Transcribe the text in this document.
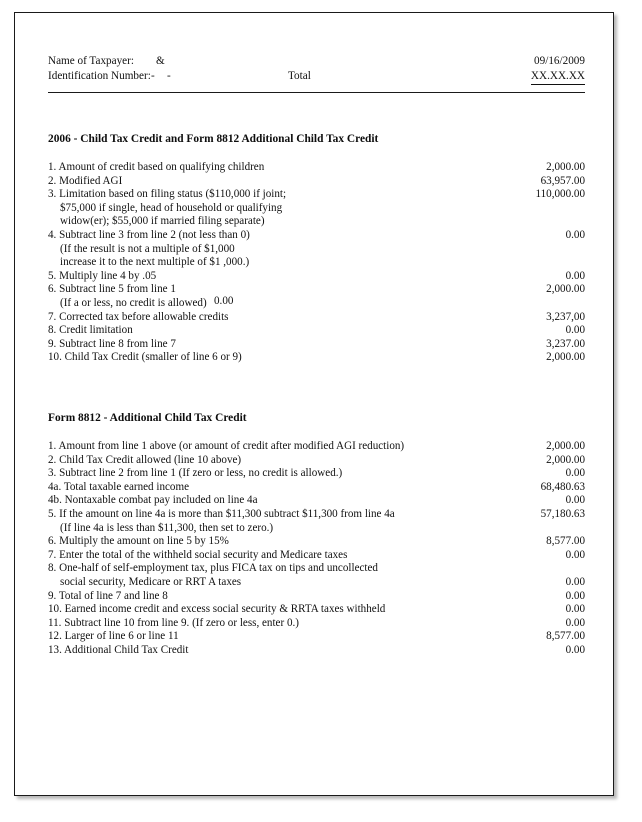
Name of Taxpayer: &	09/16/2009
Identification Number: - -	Total	XX.XX.XX
2006 - Child Tax Credit and Form 8812 Additional Child Tax Credit
1. Amount of credit based on qualifying children	2,000.00
2. Modified AGI	63,957.00
3. Limitation based on filing status ($110,000 if joint;	110,000.00
$75,000 if single, head of household or qualifying
widow(er); $55,000 if married filing separate)
4. Subtract line 3 from line 2 (not less than 0)	0.00
(If the result is not a multiple of $1,000
increase it to the next multiple of $1 ,000.)
5. Multiply line 4 by .05	0.00
6. Subtract line 5 from line 1	2,000.00
(If a or less, no credit is allowed) 0.00
7. Corrected tax before allowable credits	3,237,00
8. Credit limitation	0.00
9. Subtract line 8 from line 7	3,237.00
10. Child Tax Credit (smaller of line 6 or 9)	2,000.00
Form 8812 - Additional Child Tax Credit
1. Amount from line 1 above (or amount of credit after modified AGI reduction)	2,000.00
2. Child Tax Credit allowed (line 10 above)	2,000.00
3. Subtract line 2 from line 1 (If zero or less, no credit is allowed.)	0.00
4a. Total taxable earned income	68,480.63
4b. Nontaxable combat pay included on line 4a	0.00
5. If the amount on line 4a is more than $11,300 subtract $11,300 from line 4a	57,180.63
(If line 4a is less than $11,300, then set to zero.)
6. Multiply the amount on line 5 by 15%	8,577.00
7. Enter the total of the withheld social security and Medicare taxes	0.00
8. One-half of self-employment tax, plus FICA tax on tips and uncollected
social security, Medicare or RRT A taxes	0.00
9. Total of line 7 and line 8	0.00
10. Earned income credit and excess social security & RRTA taxes withheld	0.00
11. Subtract line 10 from line 9. (If zero or less, enter 0.)	0.00
12. Larger of line 6 or line 11	8,577.00
13. Additional Child Tax Credit	0.00
